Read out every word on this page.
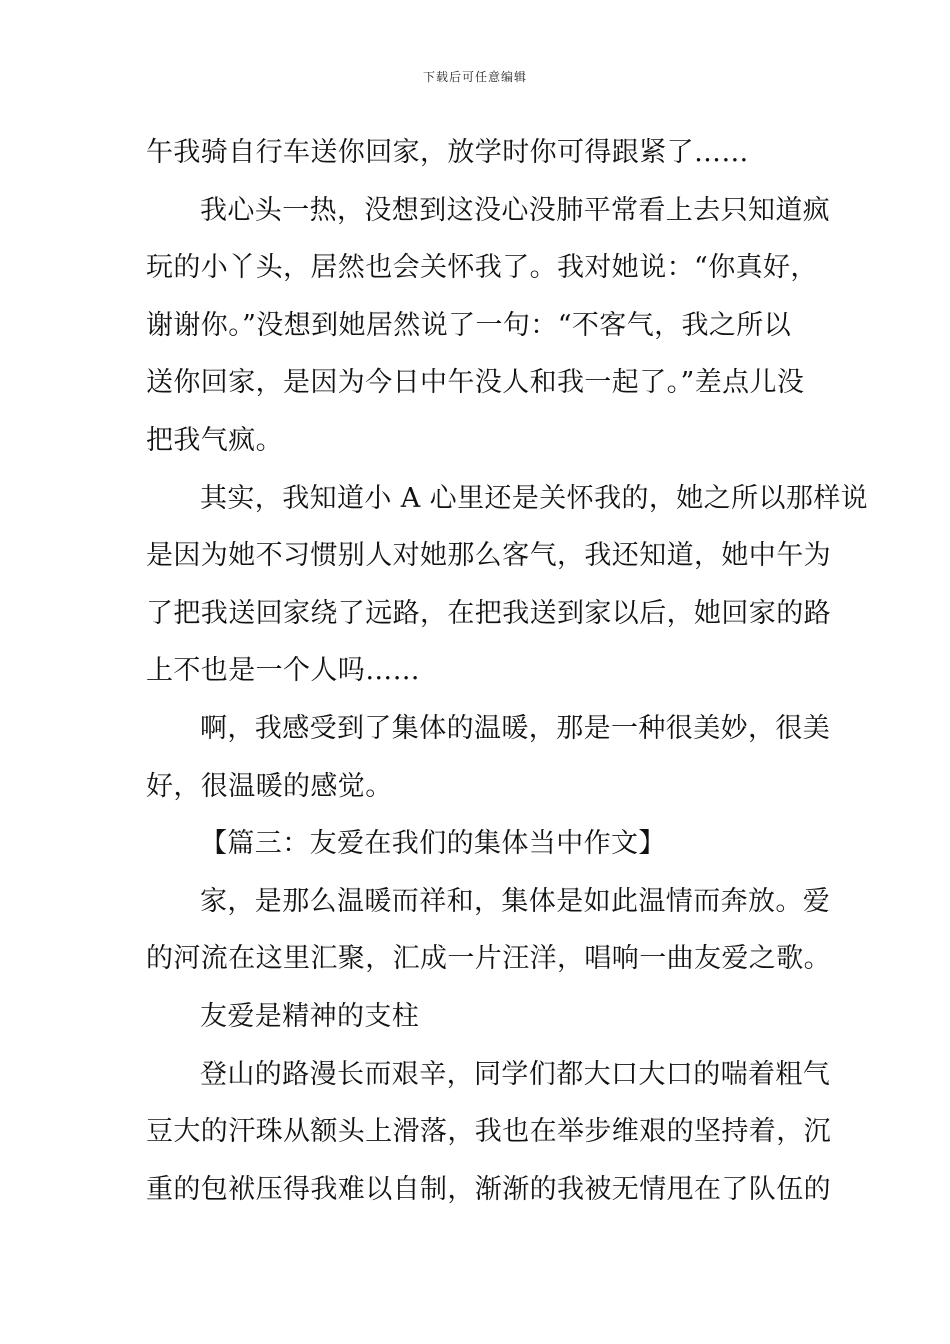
下载后可任意编辑
午我骑自行车送你回家，放学时你可得跟紧了……
我心头一热，没想到这没心没肺平常看上去只知道疯
玩的小丫头，居然也会关怀我了。我对她说：“你真好，
谢谢你。”没想到她居然说了一句：“不客气，我之所以
送你回家，是因为今日中午没人和我一起了。”差点儿没
把我气疯。
其实，我知道小 A 心里还是关怀我的，她之所以那样说
是因为她不习惯别人对她那么客气，我还知道，她中午为
了把我送回家绕了远路，在把我送到家以后，她回家的路
上不也是一个人吗……
啊，我感受到了集体的温暖，那是一种很美妙，很美
好，很温暖的感觉。
【篇三：友爱在我们的集体当中作文】
家，是那么温暖而祥和，集体是如此温情而奔放。爱
的河流在这里汇聚，汇成一片汪洋，唱响一曲友爱之歌。
友爱是精神的支柱
登山的路漫长而艰辛，同学们都大口大口的喘着粗气
豆大的汗珠从额头上滑落，我也在举步维艰的坚持着，沉
重的包袱压得我难以自制，渐渐的我被无情甩在了队伍的
